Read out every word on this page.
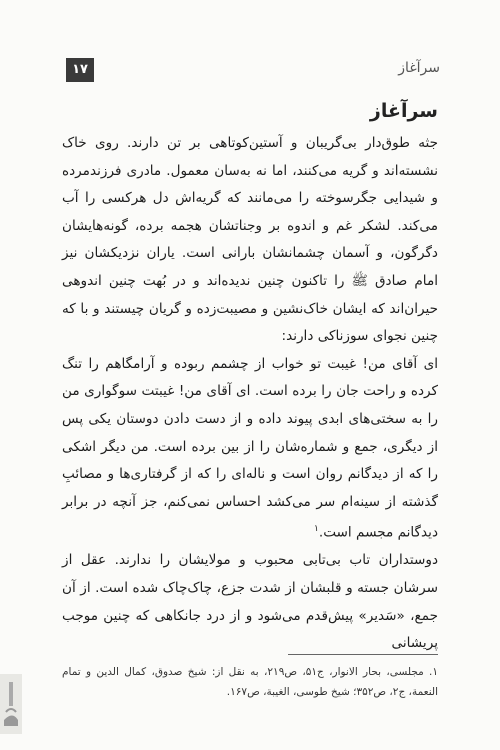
سرآغاز
۱۷
سرآغاز

جثه طوق‌دار بی‌گریبان و آستین‌کوتاهی بر تن دارند. روی خاک نشسته‌اند و گریه می‌کنند، اما نه به‌سان معمول. مادری فرزندمرده و شیدایی جگرسوخته را می‌مانند که گریه‌اش دل هرکسی را آب می‌کند. لشکر غم و اندوه بر وجناتشان هجمه برده، گونه‌هایشان دگرگون، و آسمان چشمانشان بارانی است. یاران نزدیکشان نیز امام صادق ﷺ را تاکنون چنین ندیده‌اند و در بُهت چنین اندوهی حیران‌اند که ایشان خاک‌نشین و مصیبت‌زده و گریان چیستند و با که چنین نجوای سوزناکی دارند:

ای آقای من! غیبت تو خواب از چشمم ربوده و آرامگاهم را تنگ کرده و راحت جان را برده است. ای آقای من! غیبتت سوگواری من را به سختی‌های ابدی پیوند داده و از دست دادن دوستان یکی پس از دیگری، جمع و شماره‌شان را از بین برده است. من دیگر اشکی را که از دیدگانم روان است و ناله‌ای را که از گرفتاری‌ها و مصائبِ گذشته از سینه‌ام سر می‌کشد احساس نمی‌کنم، جز آنچه در برابر دیدگانم مجسم است.$^١$

دوستداران تاب بی‌تابی محبوب و مولایشان را ندارند. عقل از سرشان جسته و قلبشان از شدت جزع، چاک‌چاک شده است. از آن جمع، «سَدیر» پیش‌قدم می‌شود و از درد جانکاهی که چنین موجب پریشانی

١. مجلسی، بحار الانوار، ج۵۱، ص۲۱۹، به نقل از: شیخ صدوق، کمال الدین و تمام النعمة، ج۲، ص۳۵۲؛ شیخ طوسی، الغیبة، ص۱۶۷.
